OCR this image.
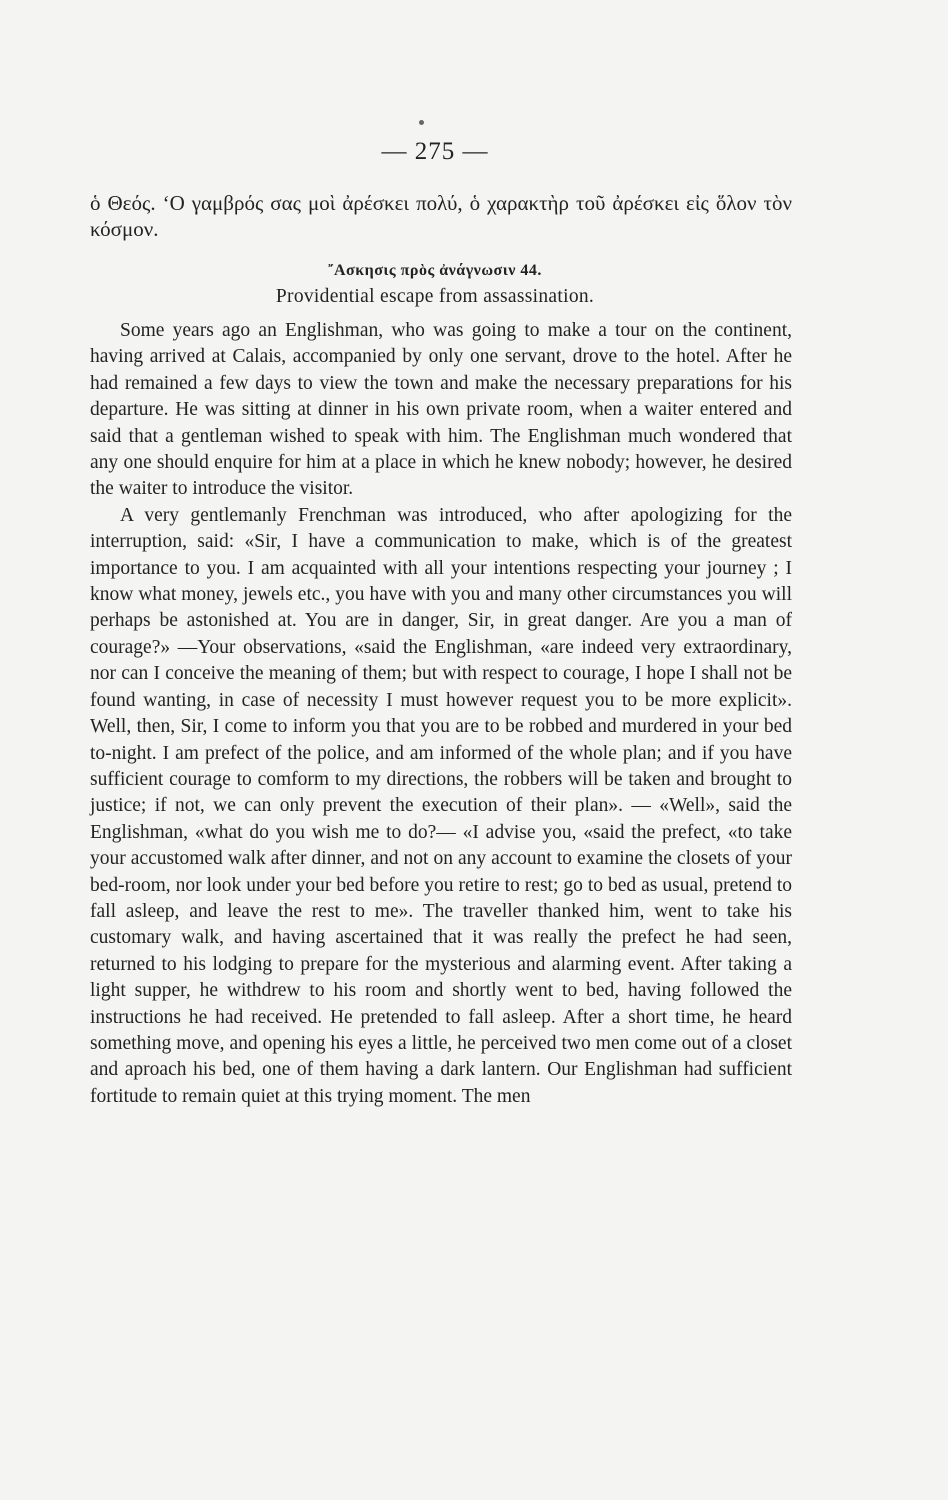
— 275 —
ὁ Θεός. ‘Ο γαμβρός σας μοὶ ἀρέσκει πολύ, ὁ χαρακτὴρ τοῦ ἀρέσκει εἰς ὅλον τὸν κόσμον.
῎Ασκησις πρὸς ἀνάγνωσιν 44.
Providential escape from assassination.

Some years ago an Englishman, who was going to make a tour on the continent, having arrived at Calais, accompanied by only one servant, drove to the hotel. After he had remained a few days to view the town and make the necessary preparations for his departure. He was sitting at dinner in his own private room, when a waiter entered and said that a gentleman wished to speak with him. The Englishman much wondered that any one should enquire for him at a place in which he knew nobody; however, he desired the waiter to introduce the visitor.

A very gentlemanly Frenchman was introduced, who after apologizing for the interruption, said: «Sir, I have a communication to make, which is of the greatest importance to you. I am acquainted with all your intentions respecting your journey ; I know what money, jewels etc., you have with you and many other circumstances you will perhaps be astonished at. You are in danger, Sir, in great danger. Are you a man of courage?» —Your observations, «said the Englishman, «are indeed very extraordinary, nor can I conceive the meaning of them; but with respect to courage, I hope I shall not be found wanting, in case of necessity I must however request you to be more explicit». Well, then, Sir, I come to inform you that you are to be robbed and murdered in your bed to-night. I am prefect of the police, and am informed of the whole plan; and if you have sufficient courage to comform to my directions, the robbers will be taken and brought to justice; if not, we can only prevent the execution of their plan». — «Well», said the Englishman, «what do you wish me to do?— «I advise you, «said the prefect, «to take your accustomed walk after dinner, and not on any account to examine the closets of your bed-room, nor look under your bed before you retire to rest; go to bed as usual, pretend to fall asleep, and leave the rest to me». The traveller thanked him, went to take his customary walk, and having ascertained that it was really the prefect he had seen, returned to his lodging to prepare for the mysterious and alarming event. After taking a light supper, he withdrew to his room and shortly went to bed, having followed the instructions he had received. He pretended to fall asleep. After a short time, he heard something move, and opening his eyes a little, he perceived two men come out of a closet and aproach his bed, one of them having a dark lantern. Our Englishman had sufficient fortitude to remain quiet at this trying moment. The men
